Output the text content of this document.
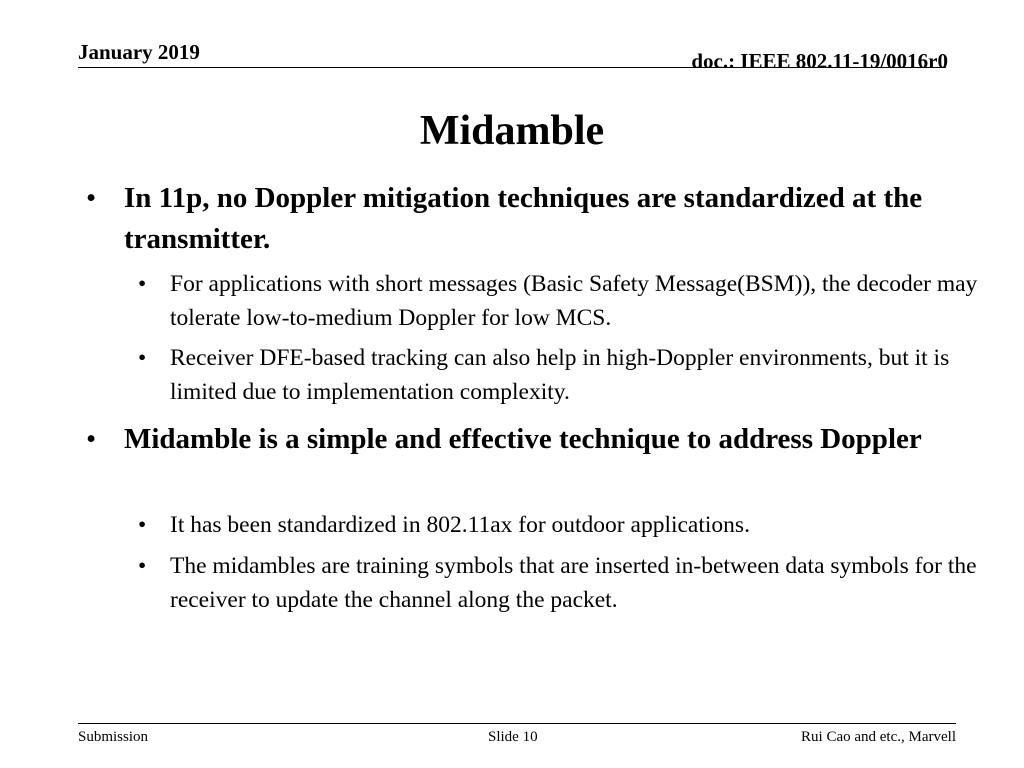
January 2019	doc.: IEEE 802.11-19/0016r0
Midamble
• In 11p, no Doppler mitigation techniques are standardized at the transmitter.
• For applications with short messages (Basic Safety Message(BSM)), the decoder may tolerate low-to-medium Doppler for low MCS.
• Receiver DFE-based tracking can also help in high-Doppler environments, but it is limited due to implementation complexity.
• Midamble is a simple and effective technique to address Doppler
• It has been standardized in 802.11ax for outdoor applications.
• The midambles are training symbols that are inserted in-between data symbols for the receiver to update the channel along the packet.
Submission	Slide 10	Rui Cao and etc., Marvell
